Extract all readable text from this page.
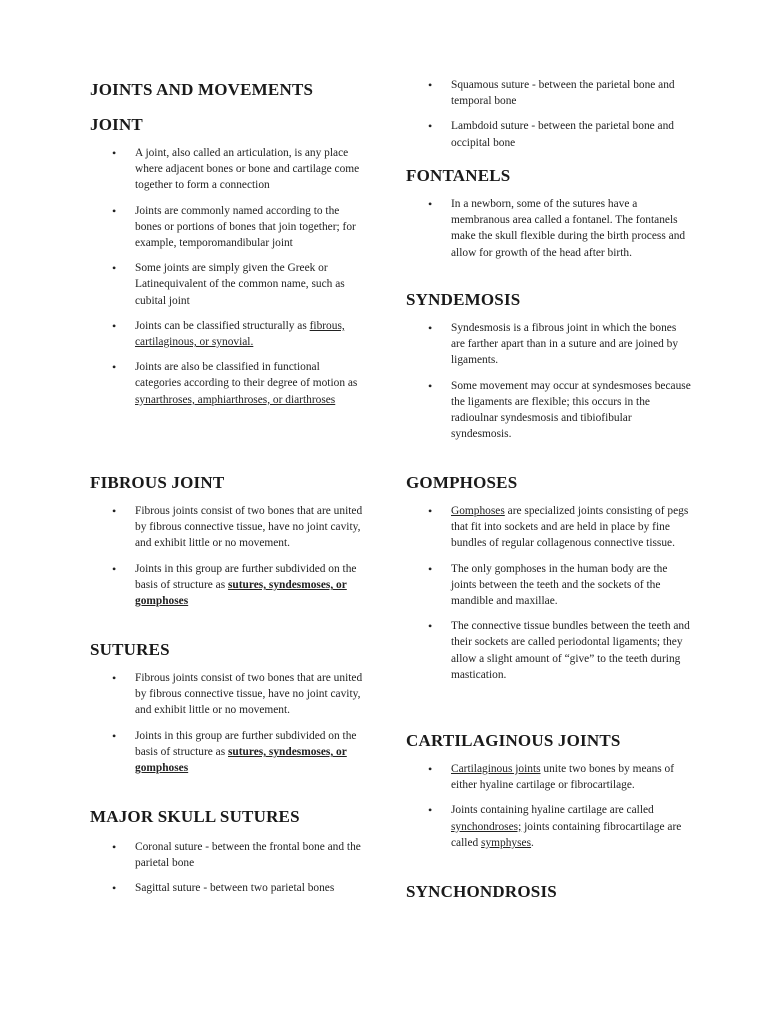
JOINTS AND MOVEMENTS
JOINT
• A joint, also called an articulation, is any place where adjacent bones or bone and cartilage come together to form a connection
• Joints are commonly named according to the bones or portions of bones that join together; for example, temporomandibular joint
• Some joints are simply given the Greek or Latinequivalent of the common name, such as cubital joint
• Joints can be classified structurally as fibrous, cartilaginous, or synovial.
• Joints are also be classified in functional categories according to their degree of motion as synarthroses, amphiarthroses, or diarthroses
FIBROUS JOINT
• Fibrous joints consist of two bones that are united by fibrous connective tissue, have no joint cavity, and exhibit little or no movement.
• Joints in this group are further subdivided on the basis of structure as sutures, syndesmoses, or gomphoses
SUTURES
• Fibrous joints consist of two bones that are united by fibrous connective tissue, have no joint cavity, and exhibit little or no movement.
• Joints in this group are further subdivided on the basis of structure as sutures, syndesmoses, or gomphoses
MAJOR SKULL SUTURES
• Coronal suture - between the frontal bone and the parietal bone
• Sagittal suture - between two parietal bones
• Squamous suture - between the parietal bone and temporal bone
• Lambdoid suture - between the parietal bone and occipital bone
FONTANELS
• In a newborn, some of the sutures have a membranous area called a fontanel. The fontanels make the skull flexible during the birth process and allow for growth of the head after birth.
SYNDEMOSIS
• Syndesmosis is a fibrous joint in which the bones are farther apart than in a suture and are joined by ligaments.
• Some movement may occur at syndesmoses because the ligaments are flexible; this occurs in the radioulnar syndesmosis and tibiofibular syndesmosis.
GOMPHOSES
• Gomphoses are specialized joints consisting of pegs that fit into sockets and are held in place by fine bundles of regular collagenous connective tissue.
• The only gomphoses in the human body are the joints between the teeth and the sockets of the mandible and maxillae.
• The connective tissue bundles between the teeth and their sockets are called periodontal ligaments; they allow a slight amount of “give” to the teeth during mastication.
CARTILAGINOUS JOINTS
• Cartilaginous joints unite two bones by means of either hyaline cartilage or fibrocartilage.
• Joints containing hyaline cartilage are called synchondroses; joints containing fibrocartilage are called symphyses.
SYNCHONDROSIS
